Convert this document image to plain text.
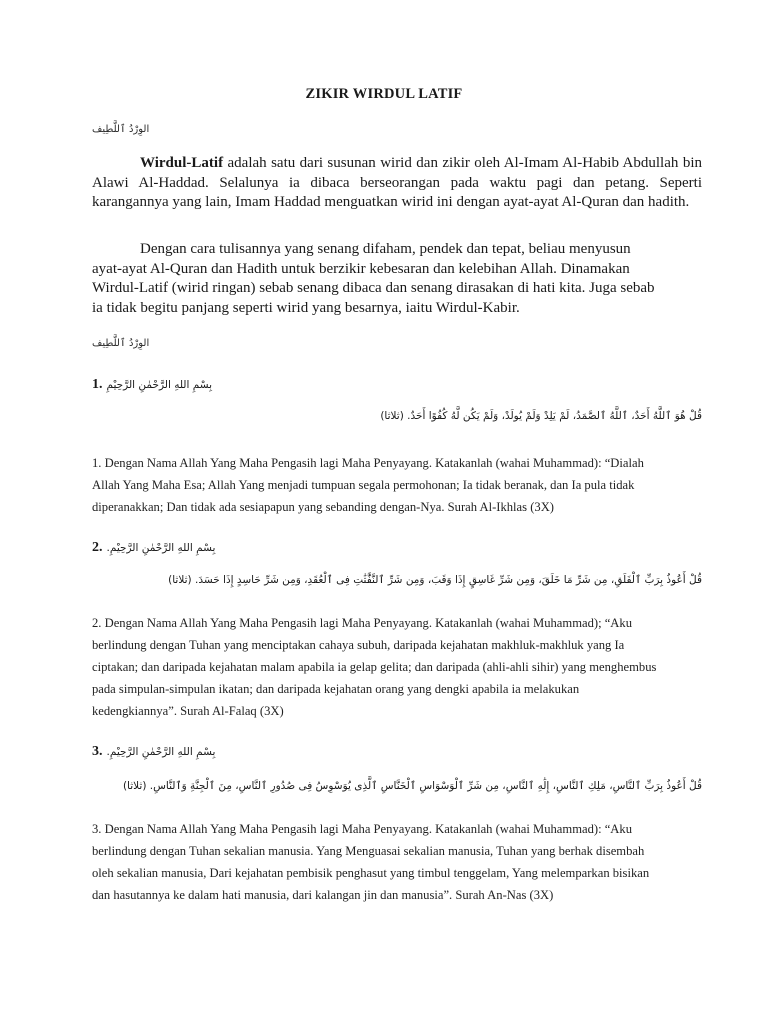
ZIKIR WIRDUL LATIF
الوِرْدُ ٱللَّطِيف

Wirdul-Latif adalah satu dari susunan wirid dan zikir oleh Al-Imam Al-Habib Abdullah bin Alawi Al-Haddad. Selalunya ia dibaca berseorangan pada waktu pagi dan petang. Seperti karangannya yang lain, Imam Haddad menguatkan wirid ini dengan ayat-ayat Al-Quran dan hadith.

Dengan cara tulisannya yang senang difaham, pendek dan tepat, beliau menyusun
ayat-ayat Al-Quran dan Hadith untuk berzikir kebesaran dan kelebihan Allah. Dinamakan
Wirdul-Latif (wirid ringan) sebab senang dibaca dan senang dirasakan di hati kita. Juga sebab
ia tidak begitu panjang seperti wirid yang besarnya, iaitu Wirdul-Kabir.
الوِرْدُ ٱللَّطِيف
1. بِسْمِ اللهِ الرَّحْمٰنِ الرَّحِيْمِ
قُلْ هُوَ ٱللَّهُ أَحَدٌ، ٱللَّهُ ٱلصَّمَدُ، لَمْ يَلِدْ وَلَمْ يُولَدْ، وَلَمْ يَكُن لَّهُ كُفُوًا أَحَدٌ. (ثلاثا)
1. Dengan Nama Allah Yang Maha Pengasih lagi Maha Penyayang. Katakanlah (wahai Muhammad): “Dialah
Allah Yang Maha Esa; Allah Yang menjadi tumpuan segala permohonan; Ia tidak beranak, dan Ia pula tidak
diperanakkan; Dan tidak ada sesiapapun yang sebanding dengan-Nya. Surah Al-Ikhlas (3X)
2. بِسْمِ اللهِ الرَّحْمٰنِ الرَّحِيْمِ.
قُلْ أَعُوذُ بِرَبِّ ٱلْفَلَقِ، مِن شَرِّ مَا خَلَقَ، وَمِن شَرِّ غَاسِقٍ إِذَا وَقَبَ، وَمِن شَرِّ ٱلنَّفَّٰثَٰتِ فِى ٱلْعُقَدِ، وَمِن شَرِّ حَاسِدٍ إِذَا حَسَدَ. (ثلاثا)
2. Dengan Nama Allah Yang Maha Pengasih lagi Maha Penyayang. Katakanlah (wahai Muhammad); “Aku
berlindung dengan Tuhan yang menciptakan cahaya subuh, daripada kejahatan makhluk-makhluk yang Ia
ciptakan; dan daripada kejahatan malam apabila ia gelap gelita; dan daripada (ahli-ahli sihir) yang menghembus
pada simpulan-simpulan ikatan; dan daripada kejahatan orang yang dengki apabila ia melakukan
kedengkiannya”. Surah Al-Falaq (3X)
3. بِسْمِ اللهِ الرَّحْمٰنِ الرَّحِيْمِ.
قُلْ أَعُوذُ بِرَبِّ ٱلنَّاسِ، مَلِكِ ٱلنَّاسِ، إِلَٰهِ ٱلنَّاسِ، مِن شَرِّ ٱلْوَسْوَاسِ ٱلْخَنَّاسِ ٱلَّذِى يُوَسْوِسُ فِى صُدُورِ ٱلنَّاسِ، مِنَ ٱلْجِنَّةِ وَٱلنَّاسِ. (ثلاثا)
3. Dengan Nama Allah Yang Maha Pengasih lagi Maha Penyayang. Katakanlah (wahai Muhammad): “Aku
berlindung dengan Tuhan sekalian manusia. Yang Menguasai sekalian manusia, Tuhan yang berhak disembah
oleh sekalian manusia, Dari kejahatan pembisik penghasut yang timbul tenggelam, Yang melemparkan bisikan
dan hasutannya ke dalam hati manusia, dari kalangan jin dan manusia”. Surah An-Nas (3X)
